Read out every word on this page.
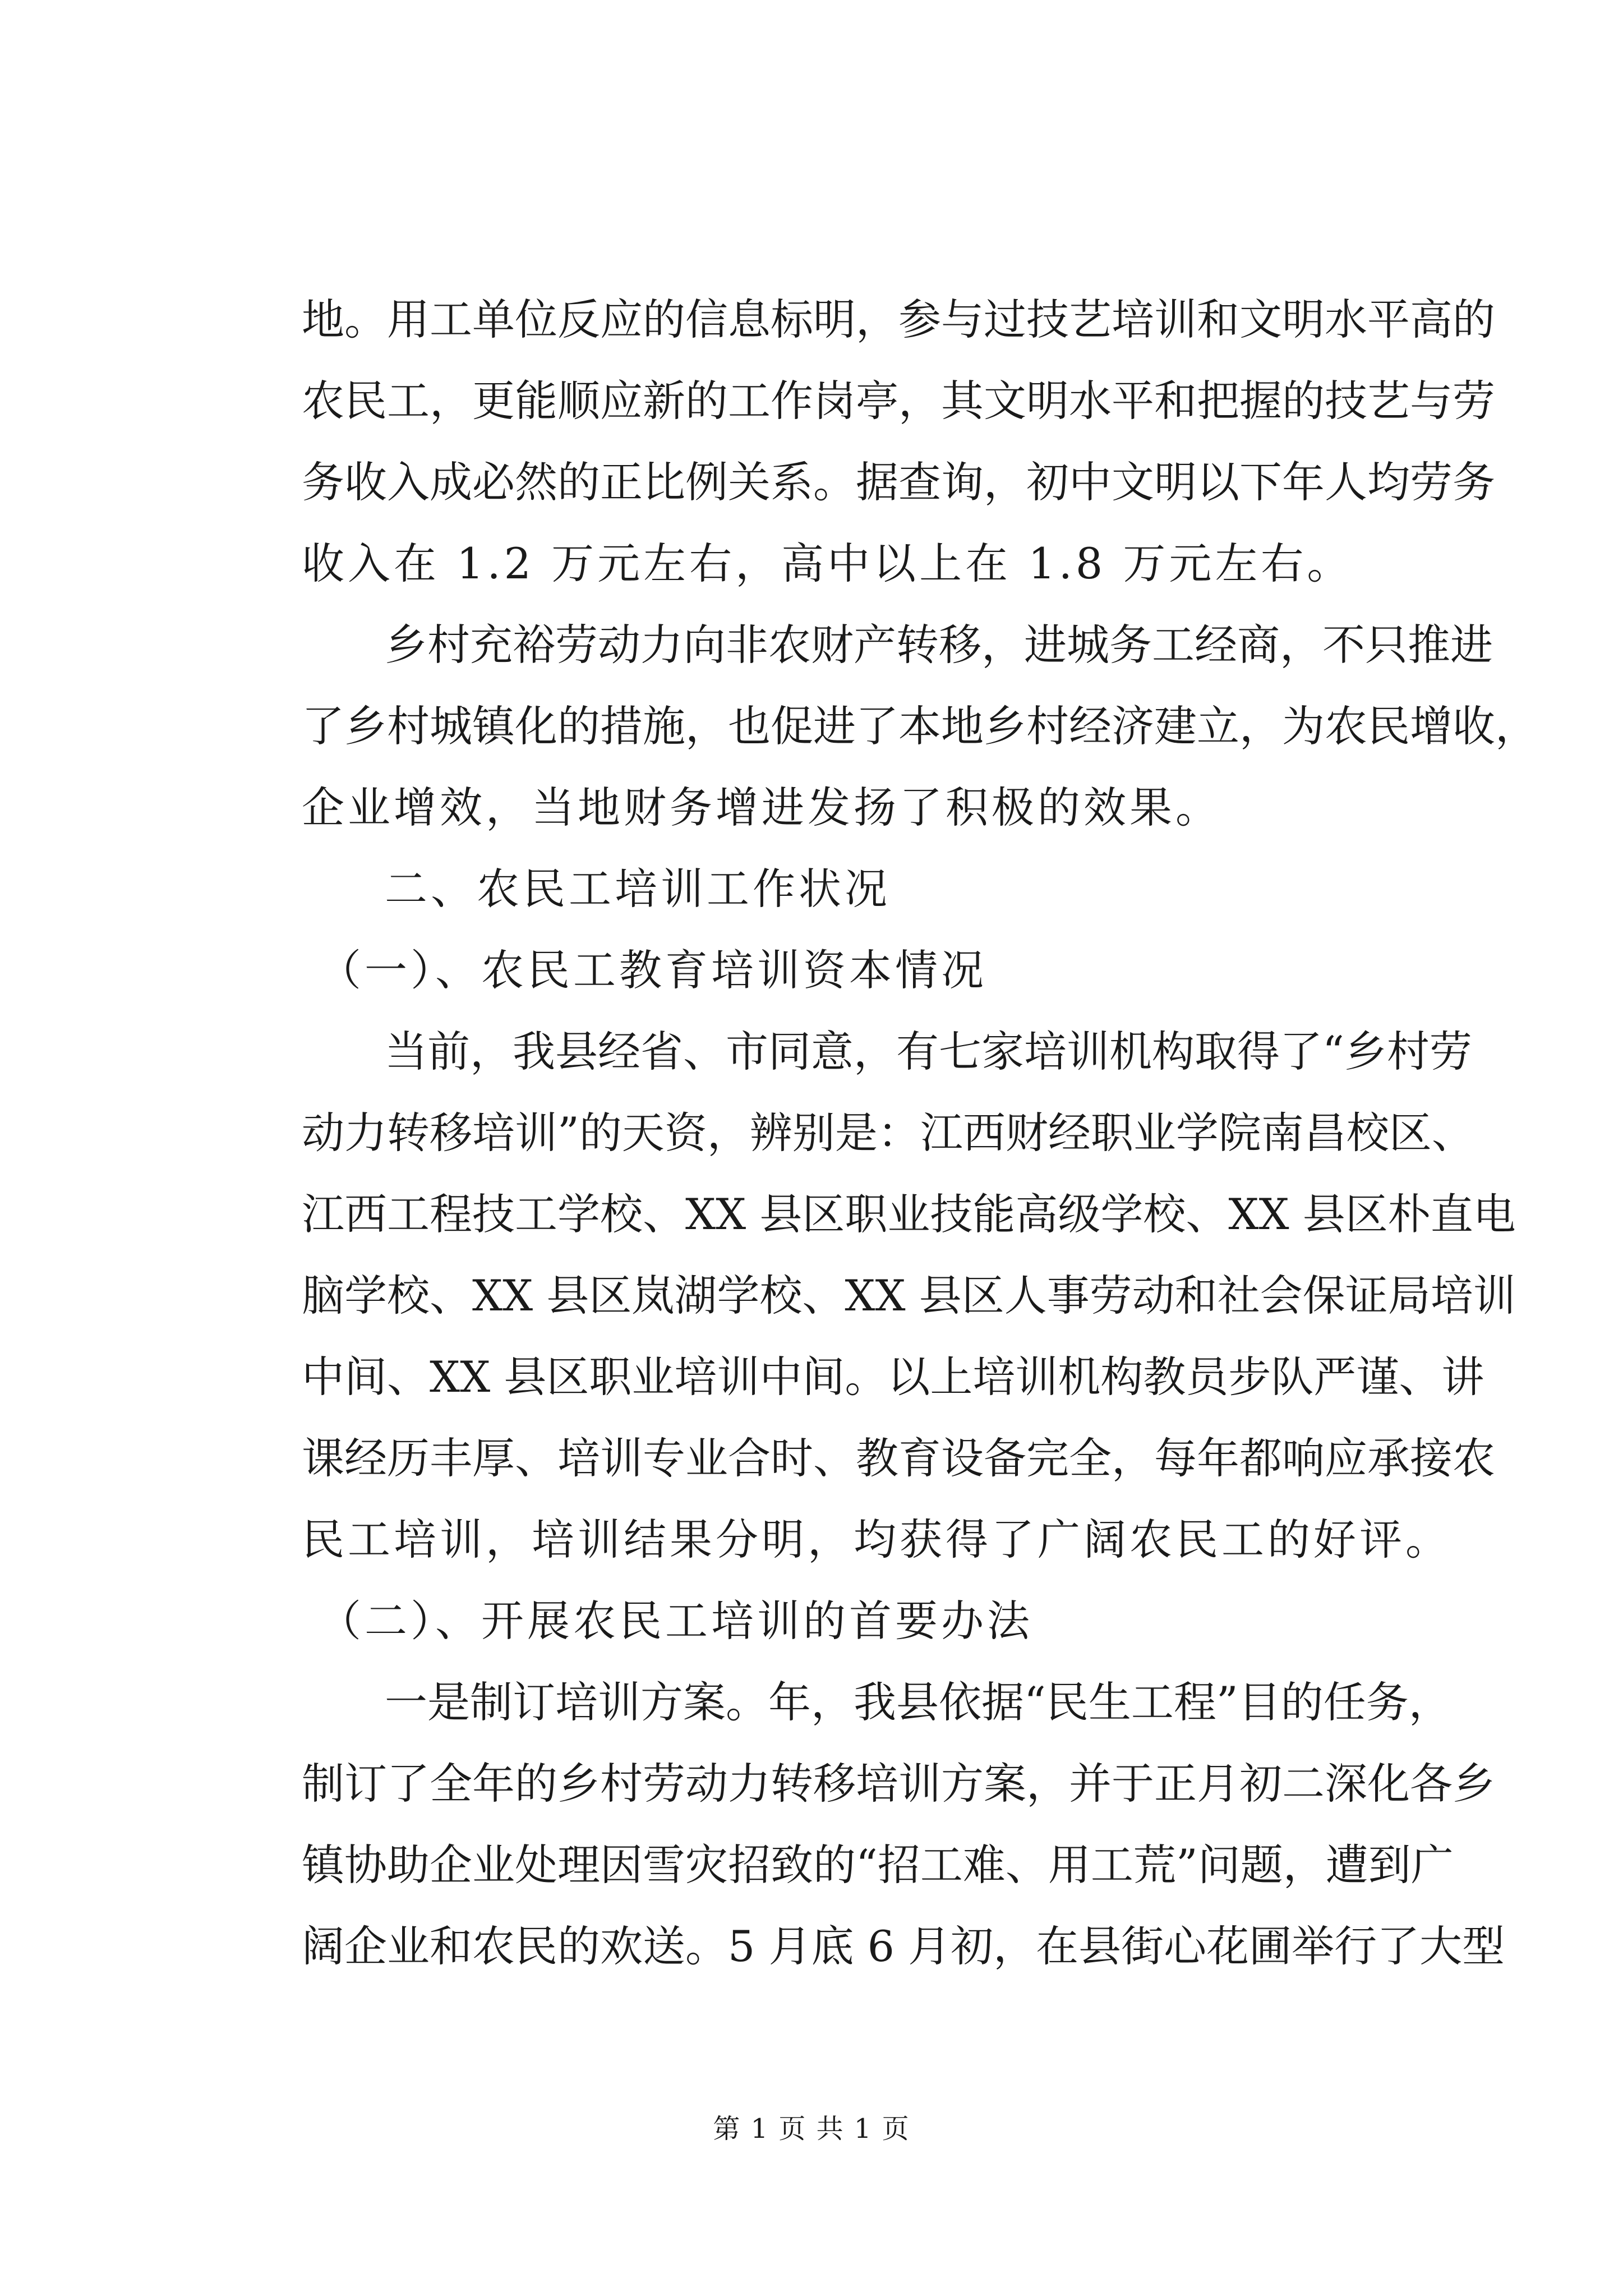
地。用工单位反应的信息标明，参与过技艺培训和文明水平高的
农民工，更能顺应新的工作岗亭，其文明水平和把握的技艺与劳
务收入成必然的正比例关系。据查询，初中文明以下年人均劳务
收入在 1.2 万元左右，高中以上在 1.8 万元左右。
乡村充裕劳动力向非农财产转移，进城务工经商，不只推进
了乡村城镇化的措施，也促进了本地乡村经济建立，为农民增收，
企业增效，当地财务增进发扬了积极的效果。
二、农民工培训工作状况
（一）、农民工教育培训资本情况
当前，我县经省、市同意，有七家培训机构取得了“乡村劳
动力转移培训”的天资，辨别是：江西财经职业学院南昌校区、
江西工程技工学校、XX 县区职业技能高级学校、XX 县区朴直电
脑学校、XX 县区岚湖学校、XX 县区人事劳动和社会保证局培训
中间、XX 县区职业培训中间。以上培训机构教员步队严谨、讲
课经历丰厚、培训专业合时、教育设备完全，每年都响应承接农
民工培训，培训结果分明，均获得了广阔农民工的好评。
（二）、开展农民工培训的首要办法
一是制订培训方案。年，我县依据“民生工程”目的任务，
制订了全年的乡村劳动力转移培训方案，并于正月初二深化各乡
镇协助企业处理因雪灾招致的“招工难、用工荒”问题，遭到广
阔企业和农民的欢送。5 月底 6 月初，在县街心花圃举行了大型
第 1 页 共 1 页
